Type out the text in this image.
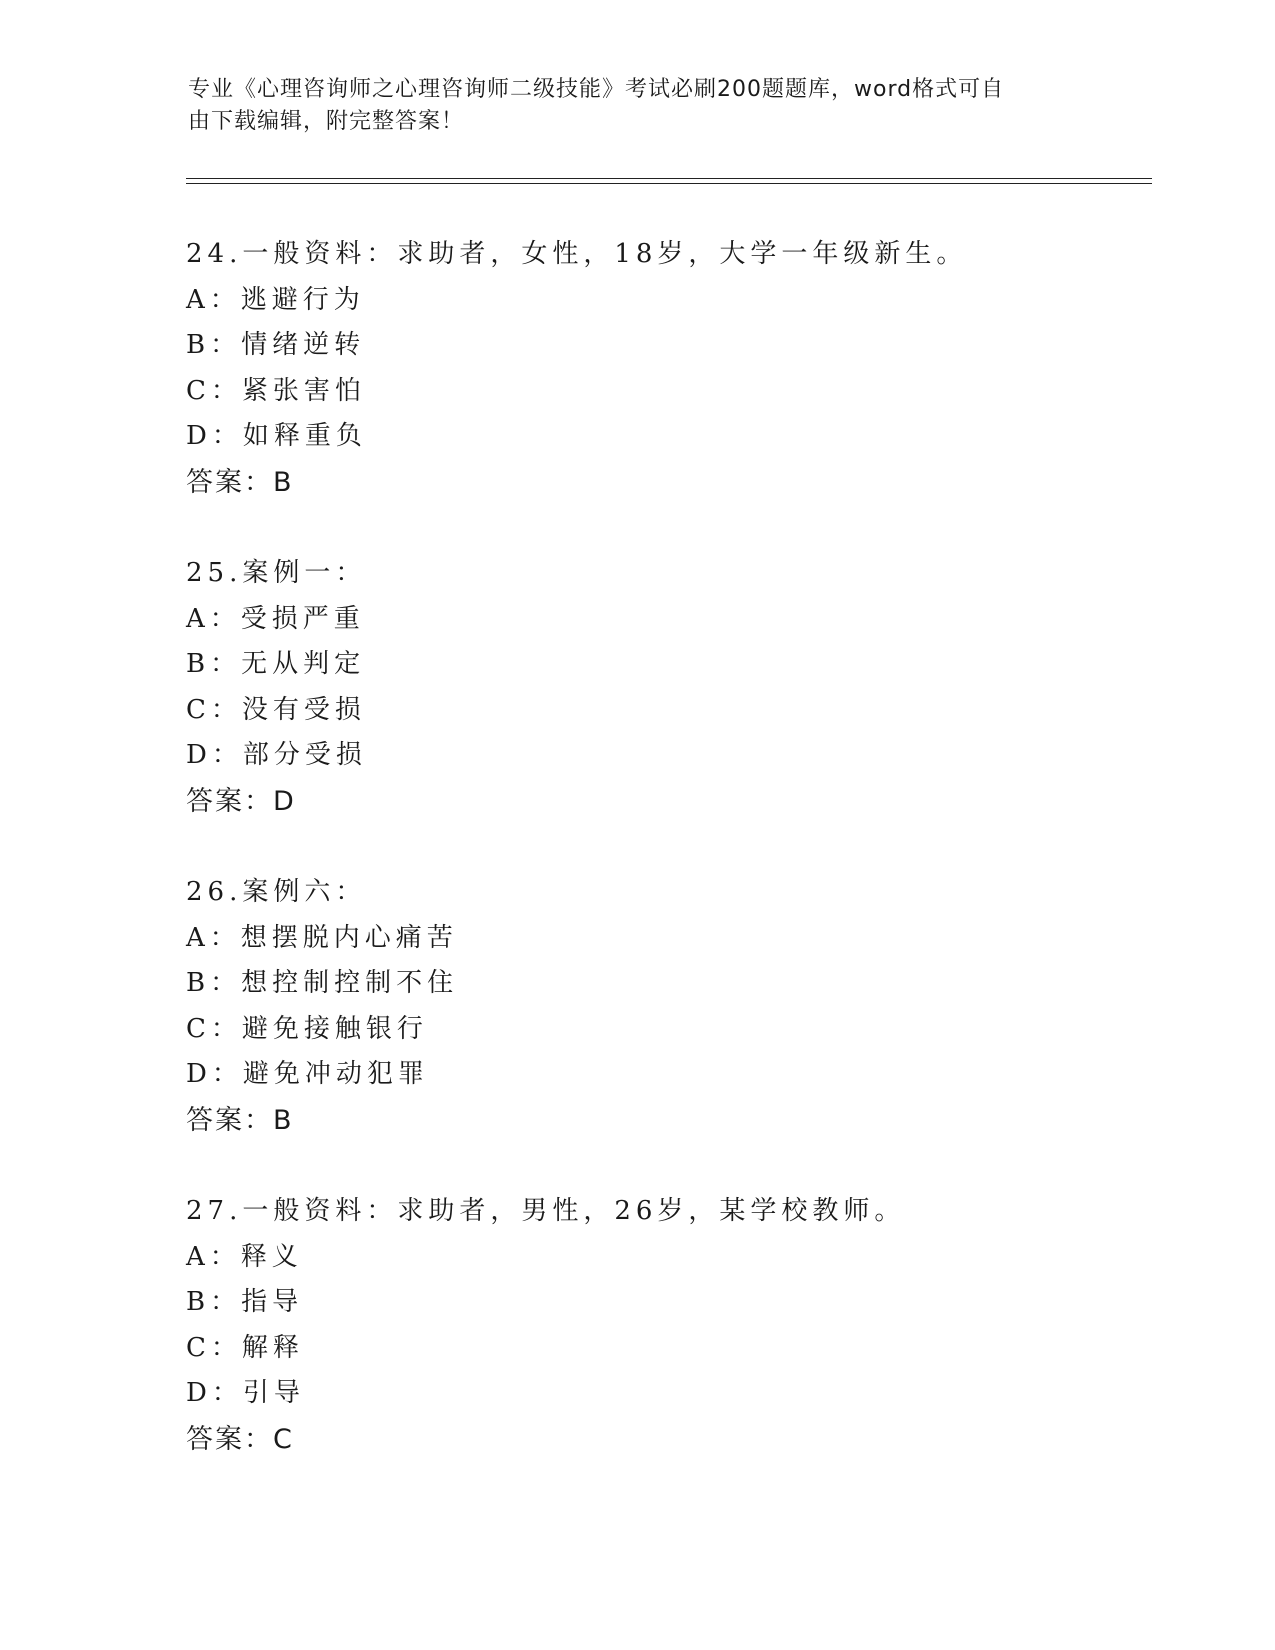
专业《心理咨询师之心理咨询师二级技能》考试必刷200题题库，word格式可自
由下载编辑，附完整答案！
24.一般资料：求助者，女性，18岁，大学一年级新生。
A：逃避行为
B：情绪逆转
C：紧张害怕
D：如释重负
答案：B
25.案例一：
A：受损严重
B：无从判定
C：没有受损
D：部分受损
答案：D
26.案例六：
A：想摆脱内心痛苦
B：想控制控制不住
C：避免接触银行
D：避免冲动犯罪
答案：B
27.一般资料：求助者，男性，26岁，某学校教师。
A：释义
B：指导
C：解释
D：引导
答案：C
